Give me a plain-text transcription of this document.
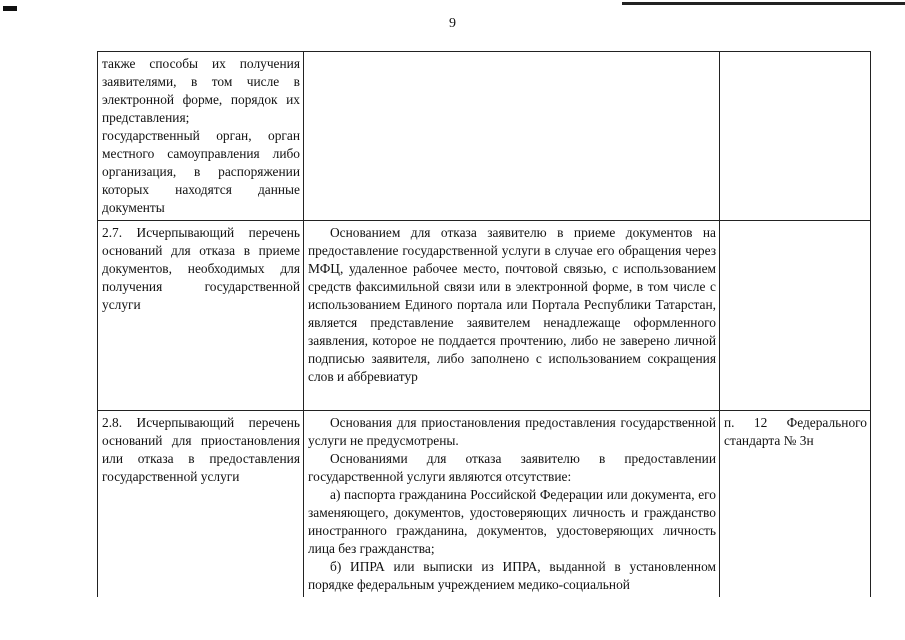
9
также способы их получения заявителями, в том числе в электронной форме, порядок их представления;
государственный орган, орган местного самоуправления либо организация, в распоряжении которых находятся данные документы		

2.7. Исчерпывающий перечень оснований для отказа в приеме документов, необходимых для получения государственной услуги	Основанием для отказа заявителю в приеме документов на предоставление государственной услуги в случае его обращения через МФЦ, удаленное рабочее место, почтовой связью, с использованием средств факсимильной связи или в электронной форме, в том числе с использованием Единого портала или Портала Республики Татарстан, является представление заявителем ненадлежаще оформленного заявления, которое не поддается прочтению, либо не заверено личной подписью заявителя, либо заполнено с использованием сокращения слов и аббревиатур	

2.8. Исчерпывающий перечень оснований для приостановления или отказа в предоставления государственной услуги	Основания для приостановления предоставления государственной услуги не предусмотрены.
Основаниями для отказа заявителю в предоставлении государственной услуги являются отсутствие:
а) паспорта гражданина Российской Федерации или документа, его заменяющего, документов, удостоверяющих личность и гражданство иностранного гражданина, документов, удостоверяющих личность лица без гражданства;
б) ИПРА или выписки из ИПРА, выданной в установленном порядке федеральным учреждением медико-социальной	п. 12 Федерального стандарта № 3н
